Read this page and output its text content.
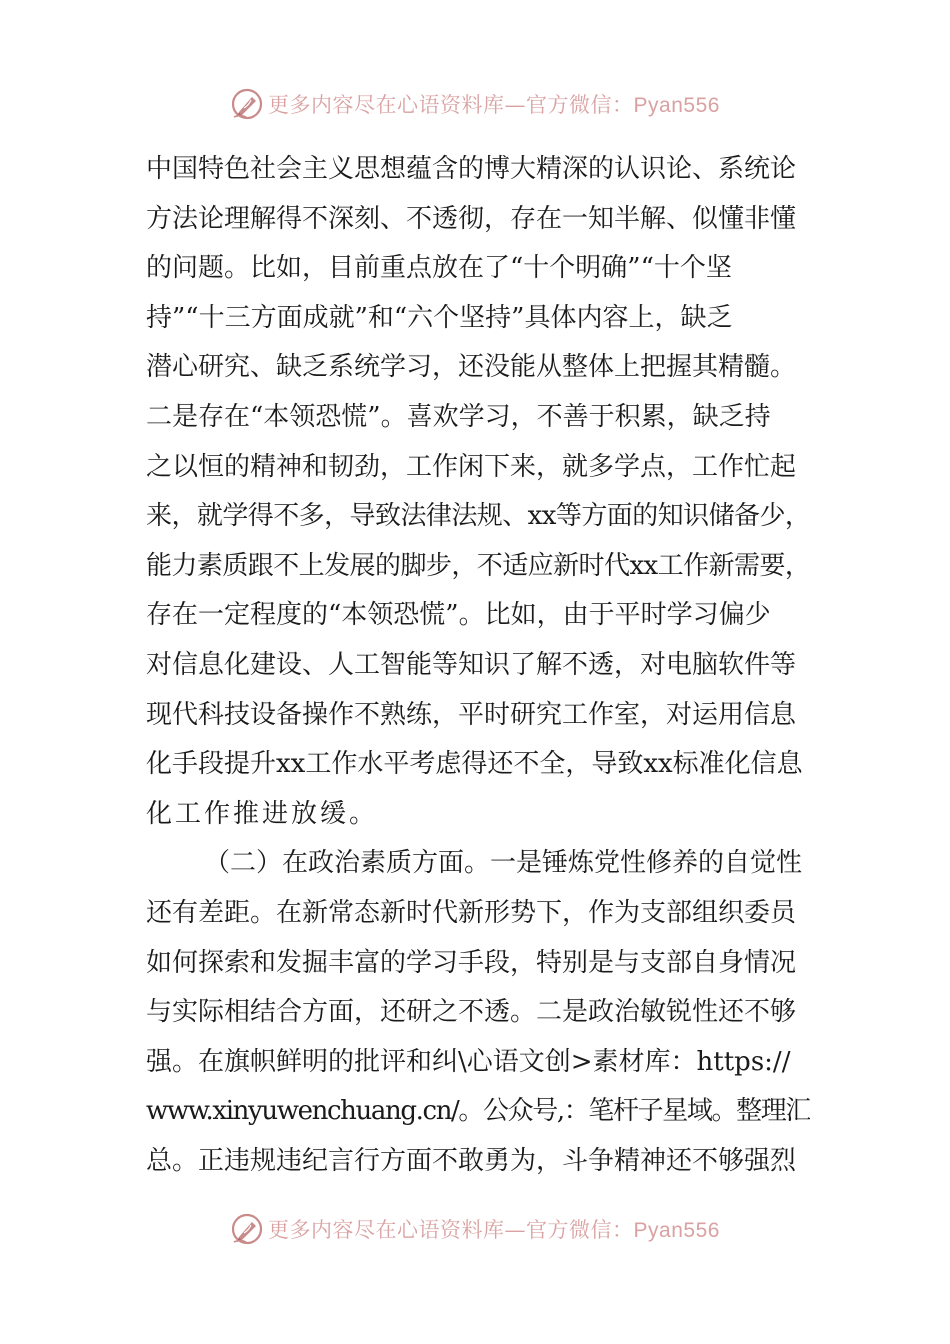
更多内容尽在心语资料库—官方微信：Pyan556
中国特色社会主义思想蕴含的博大精深的认识论、系统论
方法论理解得不深刻、不透彻，存在一知半解、似懂非懂
的问题。比如，目前重点放在了“十个明确”“十个坚
持”“十三方面成就”和“六个坚持”具体内容上，缺乏
潜心研究、缺乏系统学习，还没能从整体上把握其精髓。
二是存在“本领恐慌”。喜欢学习，不善于积累，缺乏持
之以恒的精神和韧劲，工作闲下来，就多学点，工作忙起
来，就学得不多，导致法律法规、xx等方面的知识储备少，
能力素质跟不上发展的脚步，不适应新时代xx工作新需要，
存在一定程度的“本领恐慌”。比如，由于平时学习偏少
对信息化建设、人工智能等知识了解不透，对电脑软件等
现代科技设备操作不熟练，平时研究工作室，对运用信息
化手段提升xx工作水平考虑得还不全，导致xx标准化信息
化工作推进放缓。
（二）在政治素质方面。一是锤炼党性修养的自觉性
还有差距。在新常态新时代新形势下，作为支部组织委员
如何探索和发掘丰富的学习手段，特别是与支部自身情况
与实际相结合方面，还研之不透。二是政治敏锐性还不够
强。在旗帜鲜明的批评和纠\心语文创>素材库：https://
www.xinyuwenchuang.cn/。公众号,：笔杆子星域。整理汇
总。正违规违纪言行方面不敢勇为，斗争精神还不够强烈
更多内容尽在心语资料库—官方微信：Pyan556
